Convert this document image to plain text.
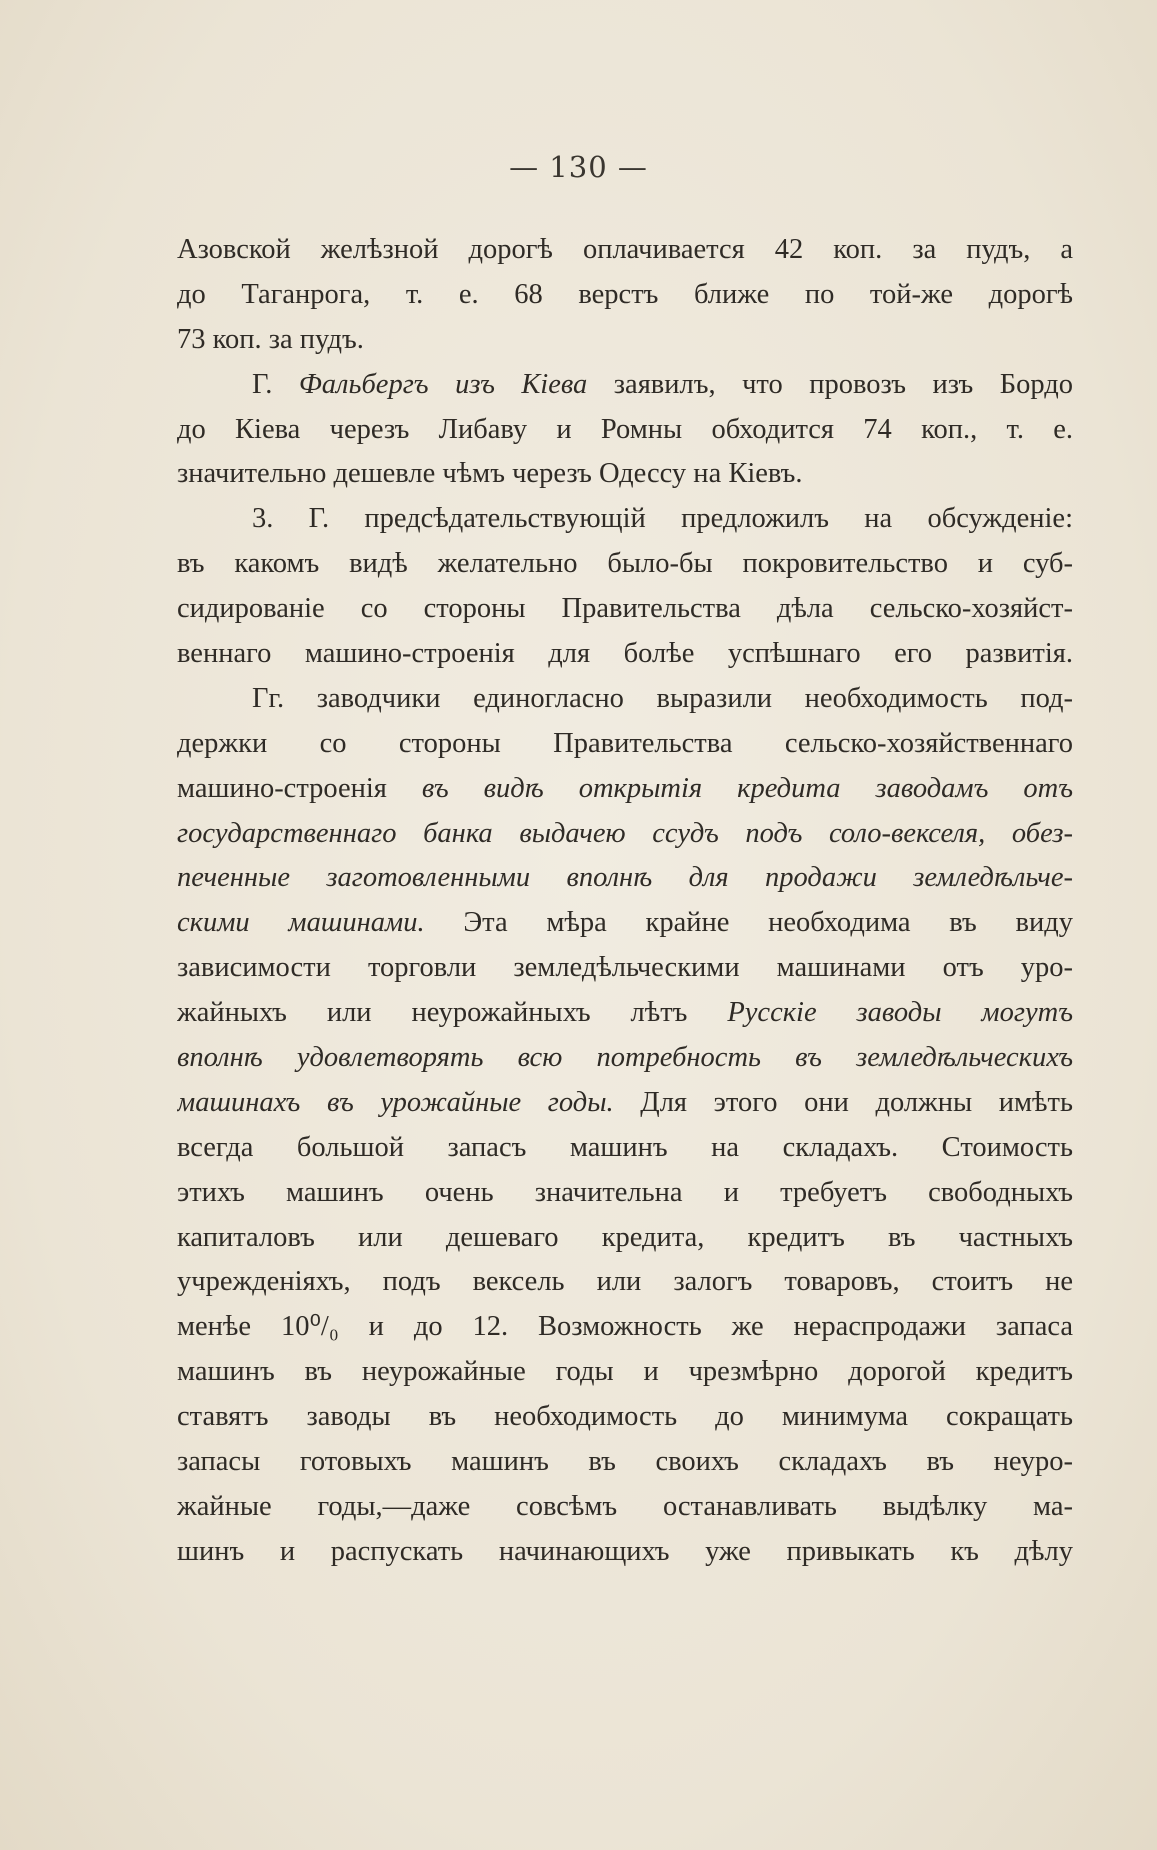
— 130 —
Азовской желѣзной дорогѣ оплачивается 42 коп. за пудъ, а
до Таганрога, т. е. 68 верстъ ближе по той-же дорогѣ
73 коп. за пудъ.
Г. Фальбергъ изъ Кiева заявилъ, что провозъ изъ Бордо
до Кiева черезъ Либаву и Ромны обходится 74 коп., т. е.
значительно дешевле чѣмъ черезъ Одессу на Кiевъ.
3. Г. предсѣдательствующiй предложилъ на обсужденiе:
въ какомъ видѣ желательно было-бы покровительство и суб-
сидированiе со стороны Правительства дѣла сельско-хозяйст-
веннаго машино-строенiя для болѣе успѣшнаго его развитiя.
Гг. заводчики единогласно выразили необходимость под-
держки со стороны Правительства сельско-хозяйственнаго
машино-строенiя въ видѣ открытiя кредита заводамъ отъ
государственнаго банка выдачею ссудъ подъ соло-векселя, обез-
печенные заготовленными вполнѣ для продажи земледѣльче-
скими машинами. Эта мѣра крайне необходима въ виду
зависимости торговли земледѣльческими машинами отъ уро-
жайныхъ или неурожайныхъ лѣтъ Русскiе заводы могутъ
вполнѣ удовлетворять всю потребность въ земледѣльческихъ
машинахъ въ урожайные годы. Для этого они должны имѣть
всегда большой запасъ машинъ на складахъ. Стоимость
этихъ машинъ очень значительна и требуетъ свободныхъ
капиталовъ или дешеваго кредита, кредитъ въ частныхъ
учрежденiяхъ, подъ вексель или залогъ товаровъ, стоитъ не
менѣе 10⁰/₀ и до 12. Возможность же нераспродажи запаса
машинъ въ неурожайные годы и чрезмѣрно дорогой кредитъ
ставятъ заводы въ необходимость до минимума сокращать
запасы готовыхъ машинъ въ своихъ складахъ въ неуро-
жайные годы,—даже совсѣмъ останавливать выдѣлку ма-
шинъ и распускать начинающихъ уже привыкать къ дѣлу
